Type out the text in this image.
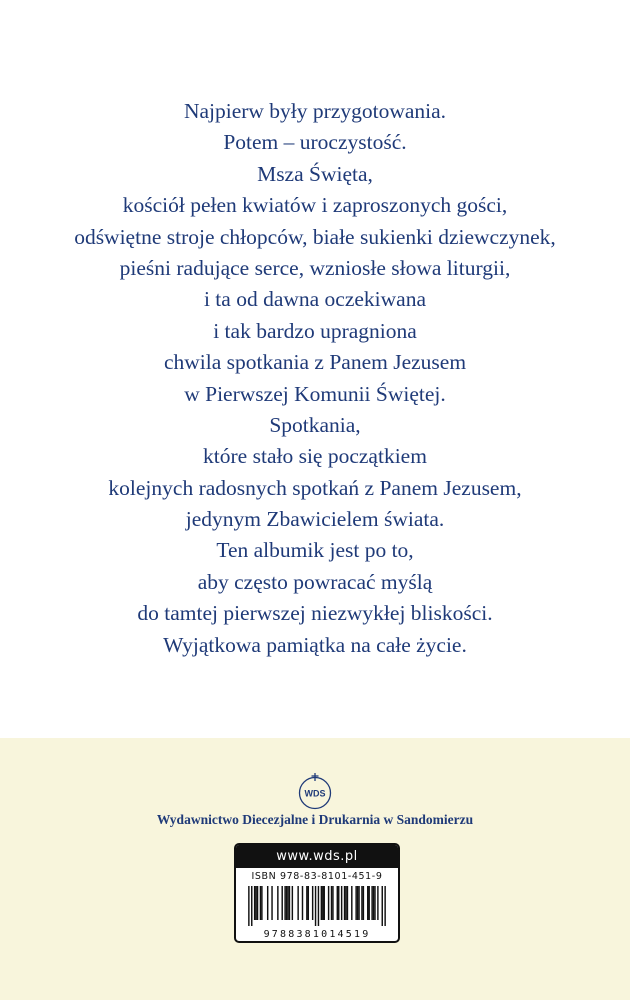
Najpierw były przygotowania.
Potem – uroczystość.
Msza Święta,
kościół pełen kwiatów i zaproszonych gości,
odświętne stroje chłopców, białe sukienki dziewczynek,
pieśni radujące serce, wzniosłe słowa liturgii,
i ta od dawna oczekiwana
i tak bardzo upragniona
chwila spotkania z Panem Jezusem
w Pierwszej Komunii Świętej.
Spotkania,
które stało się początkiem
kolejnych radosnych spotkań z Panem Jezusem,
jedynym Zbawicielem świata.
Ten albumik jest po to,
aby często powracać myślą
do tamtej pierwszej niezwykłej bliskości.
Wyjątkowa pamiątka na całe życie.
WDS
Wydawnictwo Diecezjalne i Drukarnia w Sandomierzu
www.wds.pl
ISBN 978-83-8101-451-9
9788381014519
